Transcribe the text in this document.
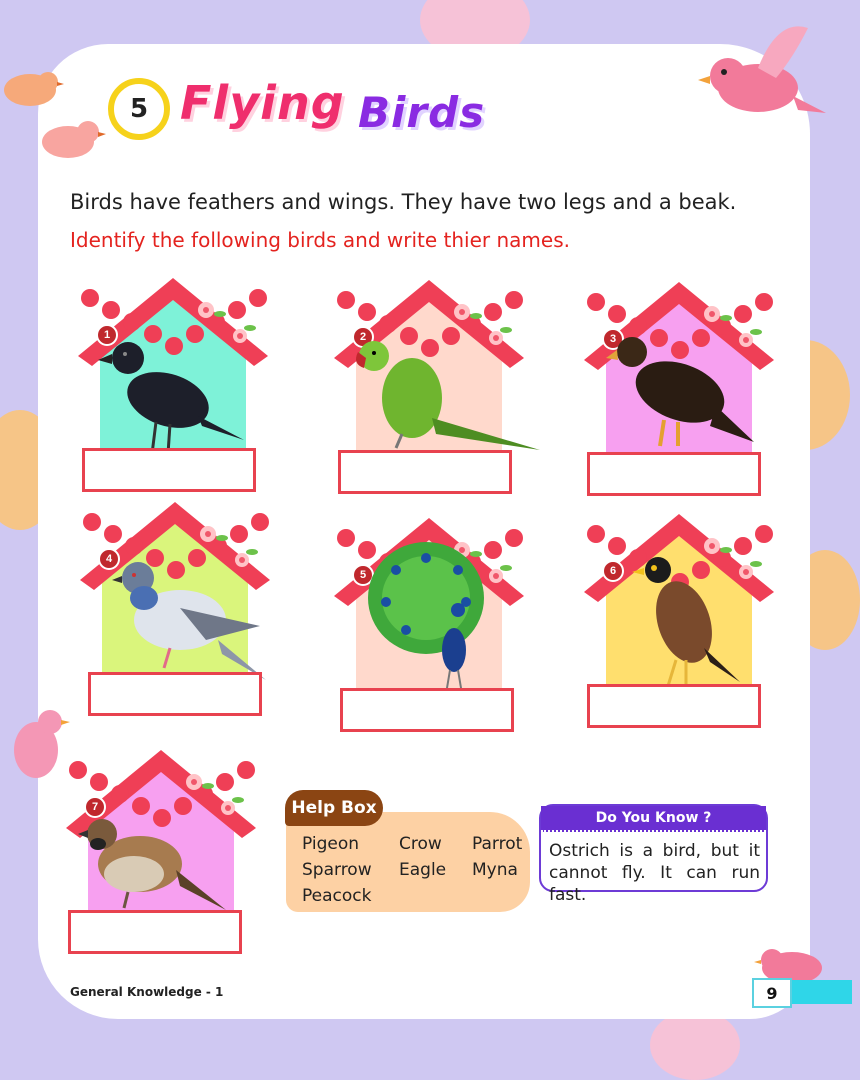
5 Flying Birds
Birds have feathers and wings. They have two legs and a beak.
Identify the following birds and write thier names.
1	2	3
4
5	6
7	Help Box
Pigeon Crow Parrot
Sparrow Eagle Myna
Peacock
Do You Know ?
Ostrich is a bird, but it cannot fly. It can run fast.
General Knowledge - 1	9
